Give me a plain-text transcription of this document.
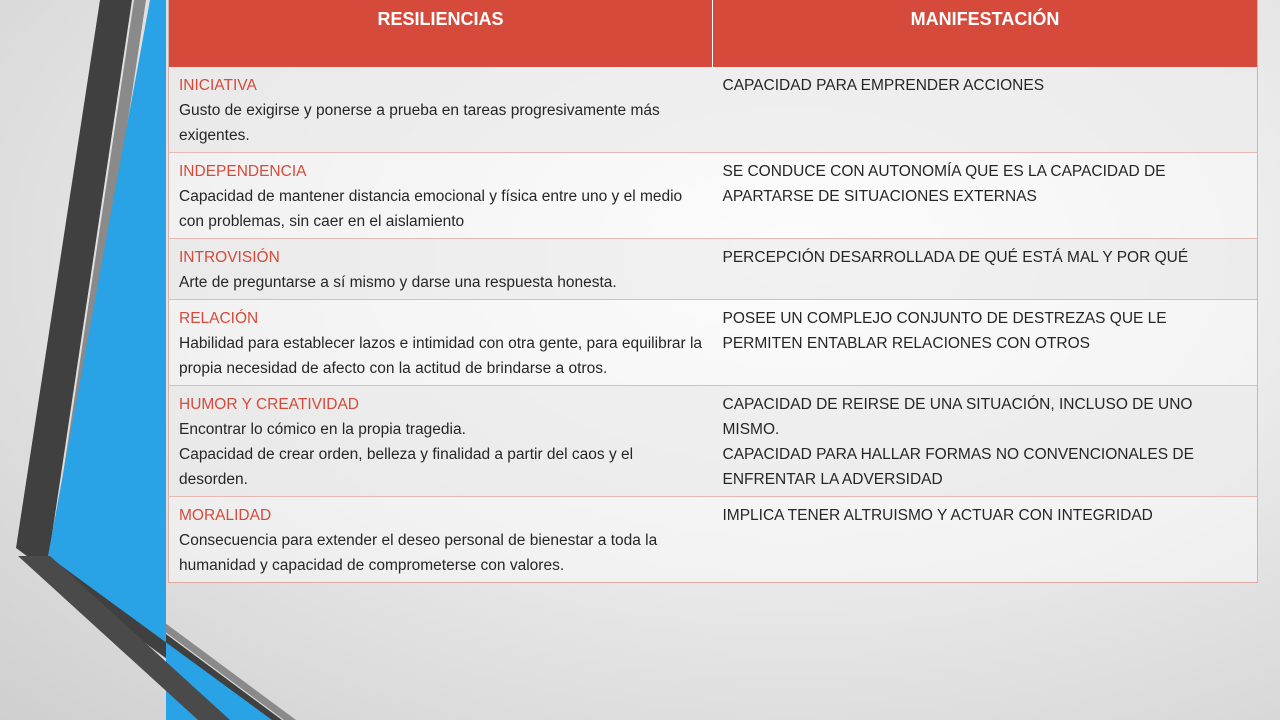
RESILIENCIAS	MANIFESTACIÓN

INICIATIVA
Gusto de exigirse y ponerse a prueba en tareas progresivamente más exigentes.	CAPACIDAD PARA EMPRENDER ACCIONES

INDEPENDENCIA
Capacidad de mantener distancia emocional y física entre uno y el medio con problemas, sin caer en el aislamiento	SE CONDUCE CON AUTONOMÍA QUE ES LA CAPACIDAD DE APARTARSE DE SITUACIONES EXTERNAS

INTROVISIÓN
Arte de preguntarse a sí mismo y darse una respuesta honesta.	PERCEPCIÓN DESARROLLADA DE QUÉ ESTÁ MAL Y POR QUÉ

RELACIÓN
Habilidad para establecer lazos e intimidad con otra gente, para equilibrar la propia necesidad de afecto con la actitud de brindarse a otros.	POSEE UN COMPLEJO CONJUNTO DE DESTREZAS QUE LE PERMITEN ENTABLAR RELACIONES CON OTROS

HUMOR Y CREATIVIDAD
Encontrar lo cómico en la propia tragedia.
Capacidad de crear orden, belleza y finalidad a partir del caos y el desorden.	CAPACIDAD DE REIRSE DE UNA SITUACIÓN, INCLUSO DE UNO MISMO.
CAPACIDAD PARA HALLAR FORMAS NO CONVENCIONALES DE ENFRENTAR LA ADVERSIDAD

MORALIDAD
Consecuencia para extender el deseo personal de bienestar a toda la humanidad y capacidad de comprometerse con valores.	IMPLICA TENER ALTRUISMO Y ACTUAR CON INTEGRIDAD
